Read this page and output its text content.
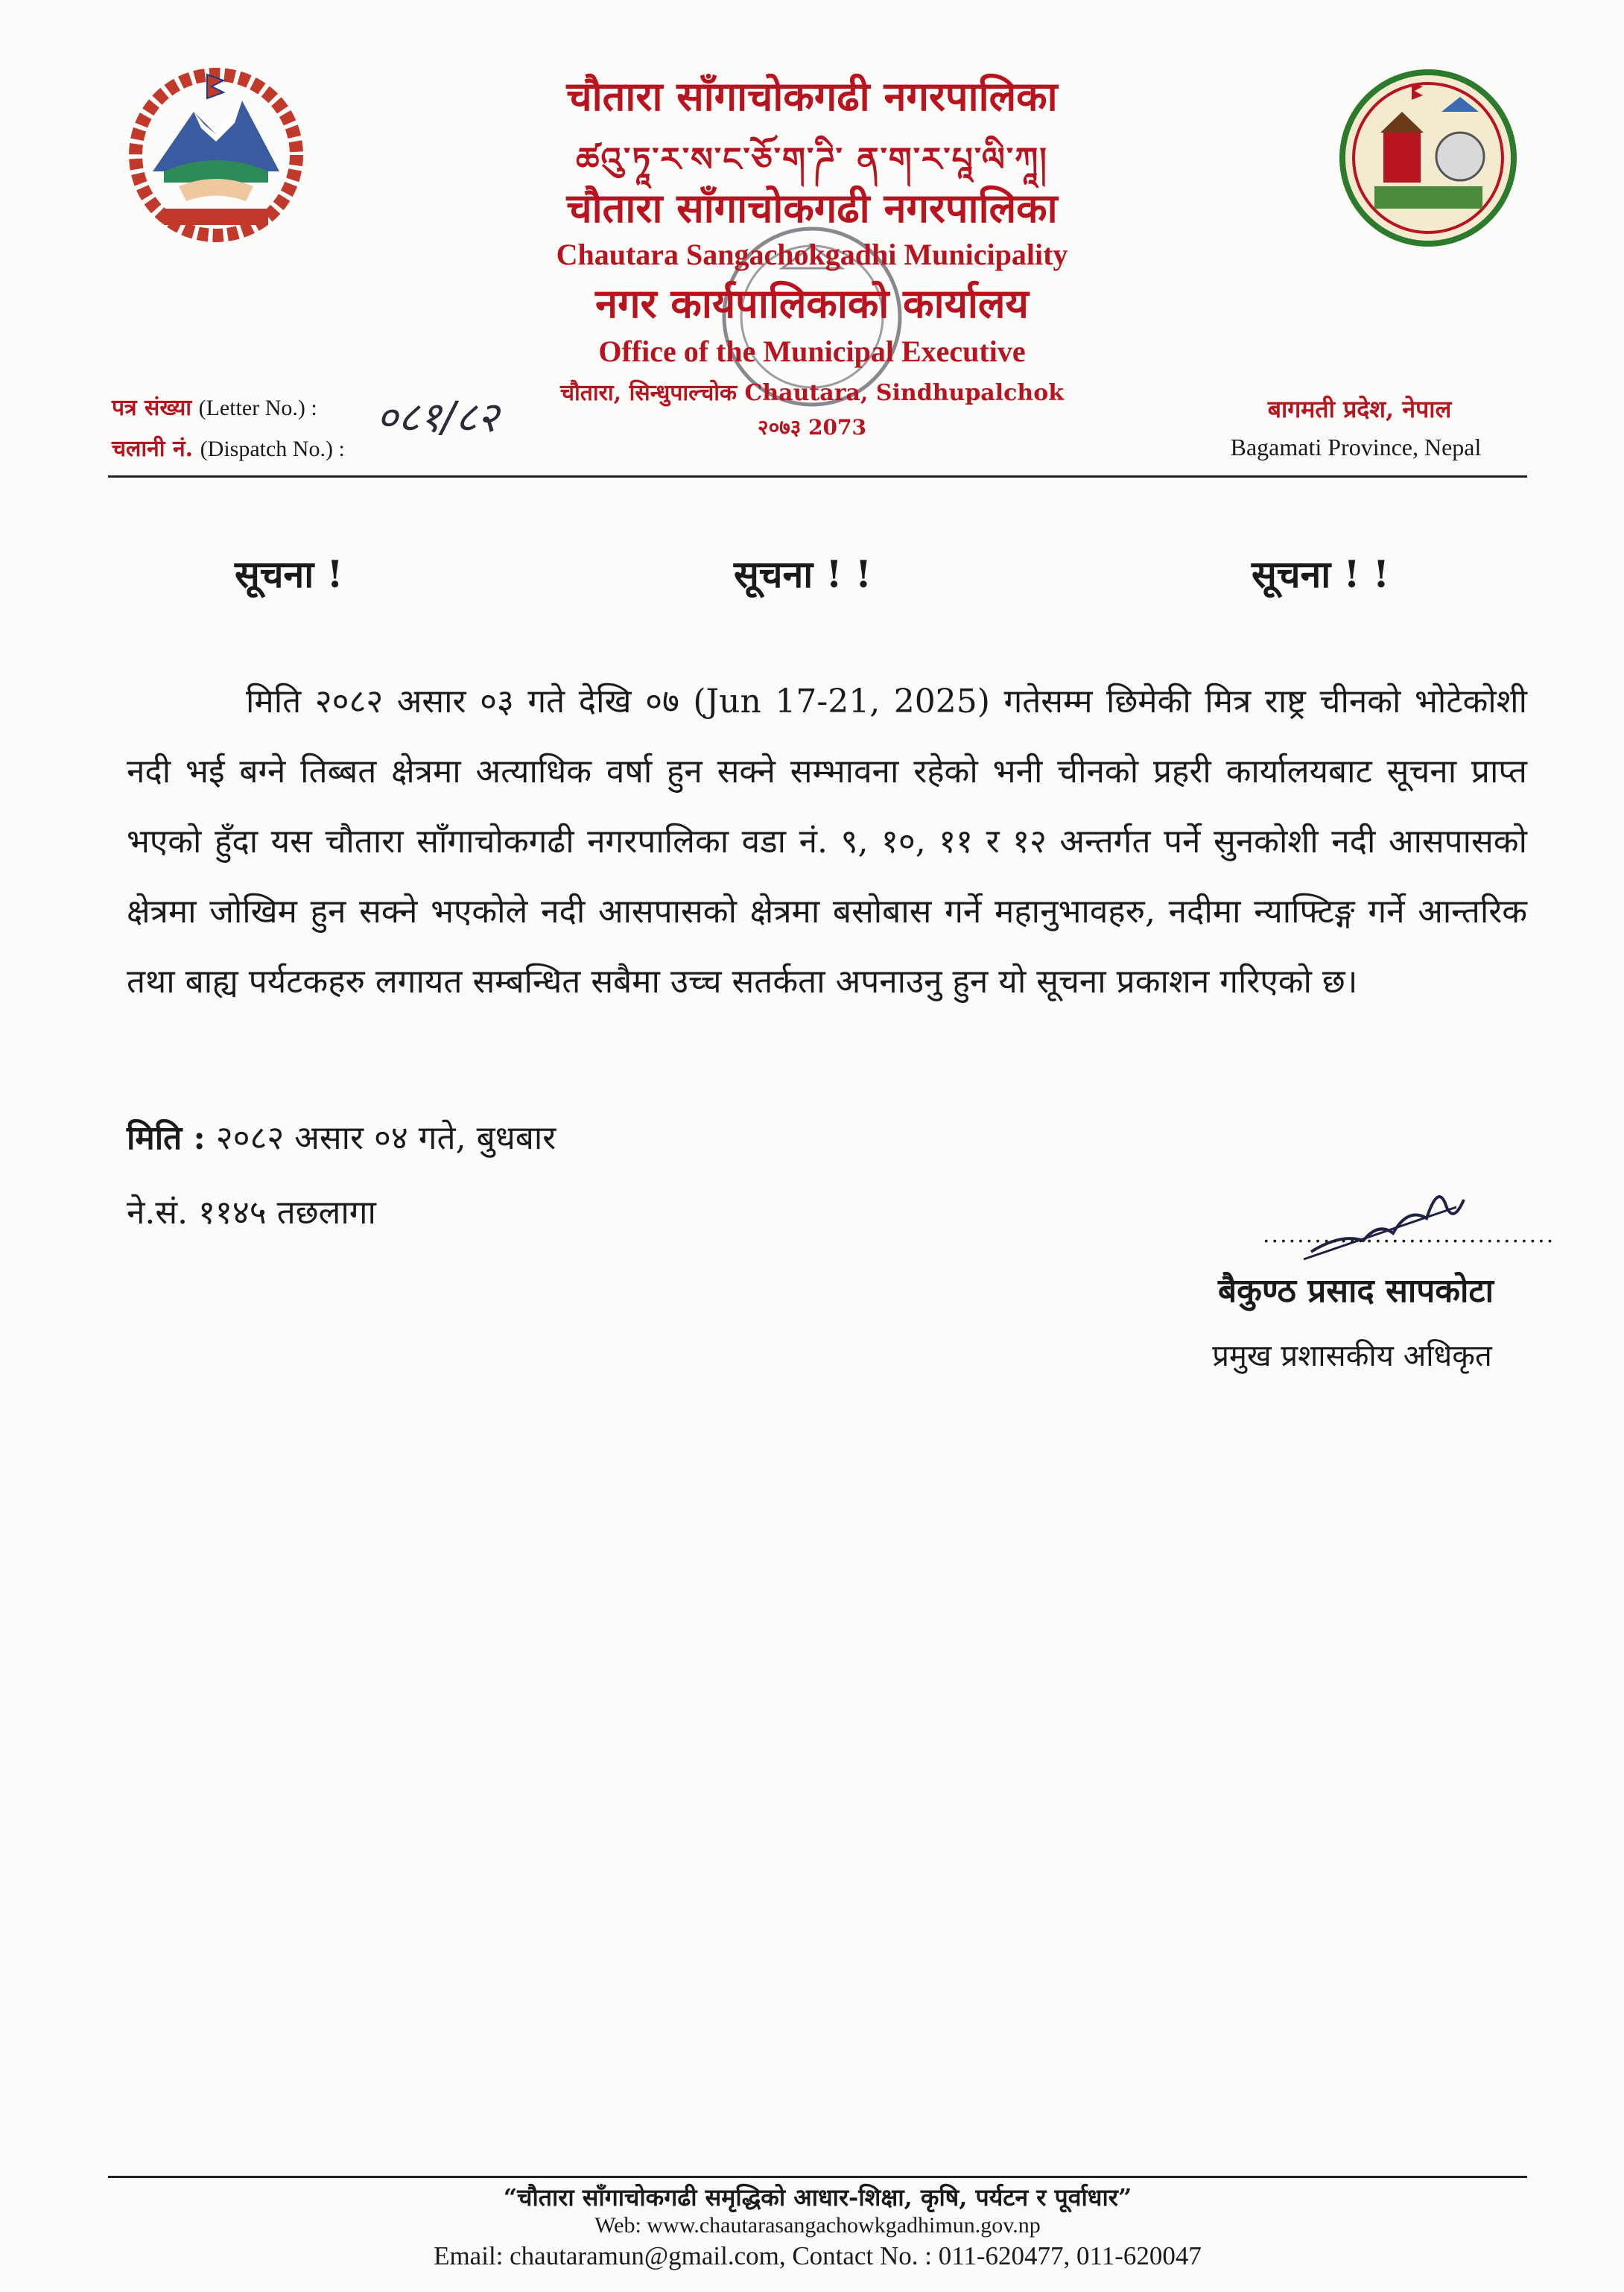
चौतारा साँगाचोकगढी नगरपालिका
ཚའུ་ཏཱ་ར་ས་ང་ཅོ་ག་ཌི་ ན་ག་ར་པཱ་ལི་ཀཱ།
चौतारा साँगाचोकगढी नगरपालिका
Chautara Sangachokgadhi Municipality
नगर कार्यपालिकाको कार्यालय
Office of the Municipal Executive
चौतारा, सिन्धुपाल्चोक Chautara, Sindhupalchok
२०७३ 2073
पत्र संख्या (Letter No.) : ०८१/८२
चलानी नं. (Dispatch No.) :
बागमती प्रदेश, नेपाल
Bagamati Province, Nepal
सूचना !	सूचना ! !	सूचना ! !
मिति २०८२ असार ०३ गते देखि ०७ (Jun 17-21, 2025) गतेसम्म छिमेकी मित्र राष्ट्र चीनको भोटेकोशी नदी भई बग्ने तिब्बत क्षेत्रमा अत्याधिक वर्षा हुन सक्ने सम्भावना रहेको भनी चीनको प्रहरी कार्यालयबाट सूचना प्राप्त भएको हुँदा यस चौतारा साँगाचोकगढी नगरपालिका वडा नं. ९, १०, ११ र १२ अन्तर्गत पर्ने सुनकोशी नदी आसपासको क्षेत्रमा जोखिम हुन सक्ने भएकोले नदी आसपासको क्षेत्रमा बसोबास गर्ने महानुभावहरु, नदीमा न्याफ्टिङ्ग गर्ने आन्तरिक तथा बाह्य पर्यटकहरु लगायत सम्बन्धित सबैमा उच्च सतर्कता अपनाउनु हुन यो सूचना प्रकाशन गरिएको छ।
मिति : २०८२ असार ०४ गते, बुधबार
ने.सं. ११४५ तछलागा
..................................
बैकुण्ठ प्रसाद सापकोटा
प्रमुख प्रशासकीय अधिकृत
“चौतारा साँगाचोकगढी समृद्धिको आधार-शिक्षा, कृषि, पर्यटन र पूर्वाधार”
Web: www.chautarasangachowkgadhimun.gov.np
Email: chautaramun@gmail.com, Contact No. : 011-620477, 011-620047
